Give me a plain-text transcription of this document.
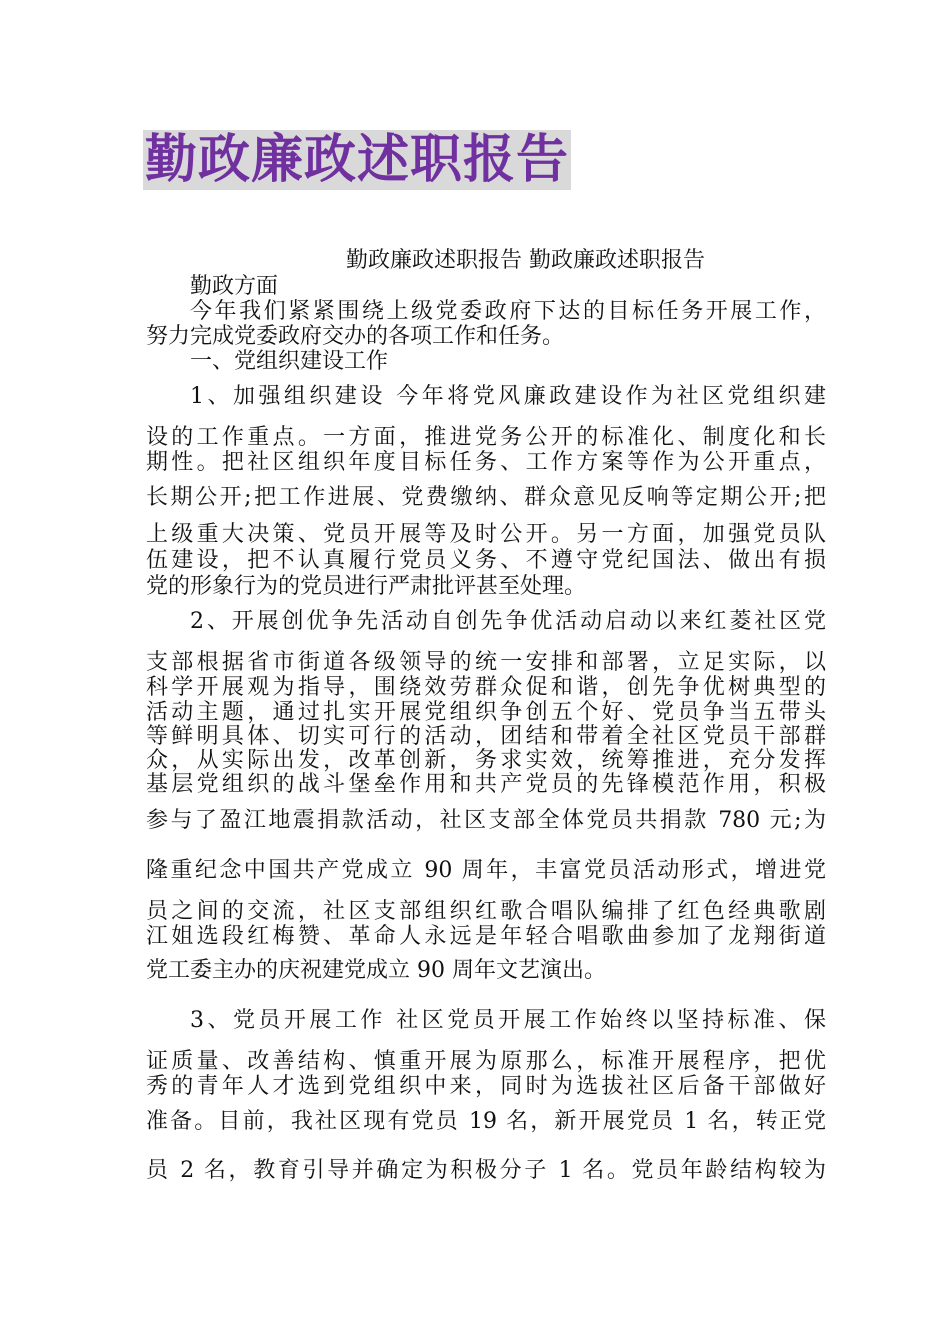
勤政廉政述职报告
勤政廉政述职报告 勤政廉政述职报告
勤政方面
今年我们紧紧围绕上级党委政府下达的目标任务开展工作，
努力完成党委政府交办的各项工作和任务。
一、党组织建设工作
1、加强组织建设 今年将党风廉政建设作为社区党组织建
设的工作重点。一方面，推进党务公开的标准化、制度化和长
期性。把社区组织年度目标任务、工作方案等作为公开重点，
长期公开;把工作进展、党费缴纳、群众意见反响等定期公开;把
上级重大决策、党员开展等及时公开。另一方面，加强党员队
伍建设，把不认真履行党员义务、不遵守党纪国法、做出有损
党的形象行为的党员进行严肃批评甚至处理。
2、开展创优争先活动自创先争优活动启动以来红菱社区党
支部根据省市街道各级领导的统一安排和部署，立足实际，以
科学开展观为指导，围绕效劳群众促和谐，创先争优树典型的
活动主题，通过扎实开展党组织争创五个好、党员争当五带头
等鲜明具体、切实可行的活动，团结和带着全社区党员干部群
众，从实际出发，改革创新，务求实效，统筹推进，充分发挥
基层党组织的战斗堡垒作用和共产党员的先锋模范作用，积极
参与了盈江地震捐款活动，社区支部全体党员共捐款 780 元;为
隆重纪念中国共产党成立 90 周年，丰富党员活动形式，增进党
员之间的交流，社区支部组织红歌合唱队编排了红色经典歌剧
江姐选段红梅赞、革命人永远是年轻合唱歌曲参加了龙翔街道
党工委主办的庆祝建党成立 90 周年文艺演出。
3、党员开展工作 社区党员开展工作始终以坚持标准、保
证质量、改善结构、慎重开展为原那么，标准开展程序，把优
秀的青年人才选到党组织中来，同时为选拔社区后备干部做好
准备。目前，我社区现有党员 19 名，新开展党员 1 名，转正党
员 2 名，教育引导并确定为积极分子 1 名。党员年龄结构较为
